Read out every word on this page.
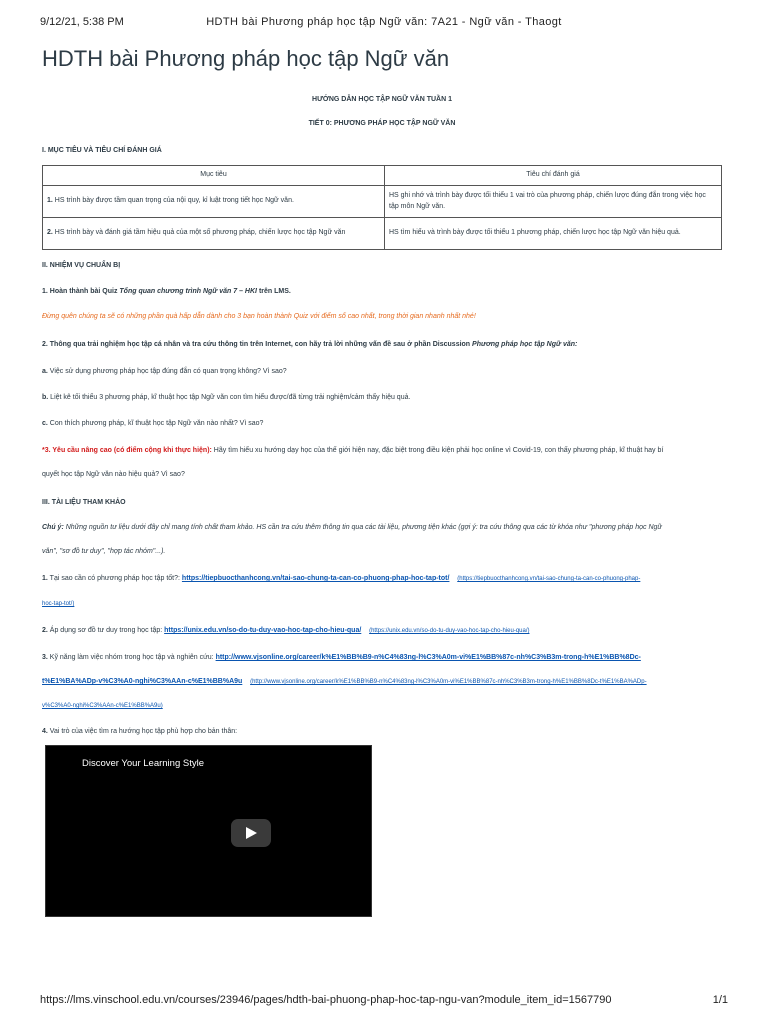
9/12/21, 5:38 PM	HDTH bài Phương pháp học tập Ngữ văn: 7A21 - Ngữ văn - Thaogt
HDTH bài Phương pháp học tập Ngữ văn
HƯỚNG DẪN HỌC TẬP NGỮ VĂN TUẦN 1
TIẾT 0: PHƯƠNG PHÁP HỌC TẬP NGỮ VĂN
I. MỤC TIÊU VÀ TIÊU CHÍ ĐÁNH GIÁ
Mục tiêu	Tiêu chí đánh giá
1. HS trình bày được tầm quan trọng của nội quy, kỉ luật trong tiết học Ngữ văn.	HS ghi nhớ và trình bày được tối thiểu 1 vai trò của phương pháp, chiến lược đúng đắn trong việc học tập môn Ngữ văn.
2. HS trình bày và đánh giá tầm hiệu quả của một số phương pháp, chiến lược học tập Ngữ văn	HS tìm hiểu và trình bày được tối thiểu 1 phương pháp, chiến lược học tập Ngữ văn hiệu quả.
II. NHIỆM VỤ CHUẨN BỊ
1. Hoàn thành bài Quiz Tổng quan chương trình Ngữ văn 7 – HKI trên LMS.
Đừng quên chúng ta sẽ có những phần quà hấp dẫn dành cho 3 bạn hoàn thành Quiz với điểm số cao nhất, trong thời gian nhanh nhất nhé!
2. Thông qua trải nghiệm học tập cá nhân và tra cứu thông tin trên Internet, con hãy trả lời những vấn đề sau ở phần Discussion Phương pháp học tập Ngữ văn:
a. Việc sử dụng phương pháp học tập đúng đắn có quan trọng không? Vì sao?
b. Liệt kê tối thiểu 3 phương pháp, kĩ thuật học tập Ngữ văn con tìm hiểu được/đã từng trải nghiệm/cảm thấy hiệu quả.
c. Con thích phương pháp, kĩ thuật học tập Ngữ văn nào nhất? Vì sao?
*3. Yêu cầu nâng cao (có điểm cộng khi thực hiện): Hãy tìm hiểu xu hướng dạy học của thế giới hiện nay, đặc biệt trong điều kiện phải học online vì Covid-19, con thấy phương pháp, kĩ thuật hay bí
quyết học tập Ngữ văn nào hiệu quả? Vì sao?
III. TÀI LIỆU THAM KHẢO
Chú ý: Những nguồn tư liệu dưới đây chỉ mang tính chất tham khảo. HS cần tra cứu thêm thông tin qua các tài liệu, phương tiện khác (gợi ý: tra cứu thông qua các từ khóa như "phương pháp học Ngữ
văn", "sơ đồ tư duy", "hợp tác nhóm"...).
1. Tại sao cần có phương pháp học tập tốt?: https://tiepbuocthanhcong.vn/tai-sao-chung-ta-can-co-phuong-phap-hoc-tap-tot/ (https://tiepbuocthanhcong.vn/tai-sao-chung-ta-can-co-phuong-phap-
hoc-tap-tot/)
2. Áp dụng sơ đồ tư duy trong học tập: https://unix.edu.vn/so-do-tu-duy-vao-hoc-tap-cho-hieu-qua/ (https://unix.edu.vn/so-do-tu-duy-vao-hoc-tap-cho-hieu-qua/)
3. Kỹ năng làm việc nhóm trong học tập và nghiên cứu: http://www.vjsonline.org/career/k%E1%BB%B9-n%C4%83ng-l%C3%A0m-vi%E1%BB%87c-nh%C3%B3m-trong-h%E1%BB%8Dc-
t%E1%BA%ADp-v%C3%A0-nghi%C3%AAn-c%E1%BB%A9u (http://www.vjsonline.org/career/k%E1%BB%B9-n%C4%83ng-l%C3%A0m-vi%E1%BB%87c-nh%C3%B3m-trong-h%E1%BB%8Dc-t%E1%BA%ADp-
v%C3%A0-nghi%C3%AAn-c%E1%BB%A9u)
4. Vai trò của việc tìm ra hướng học tập phù hợp cho bản thân:
Discover Your Learning Style
https://lms.vinschool.edu.vn/courses/23946/pages/hdth-bai-phuong-phap-hoc-tap-ngu-van?module_item_id=1567790	1/1
